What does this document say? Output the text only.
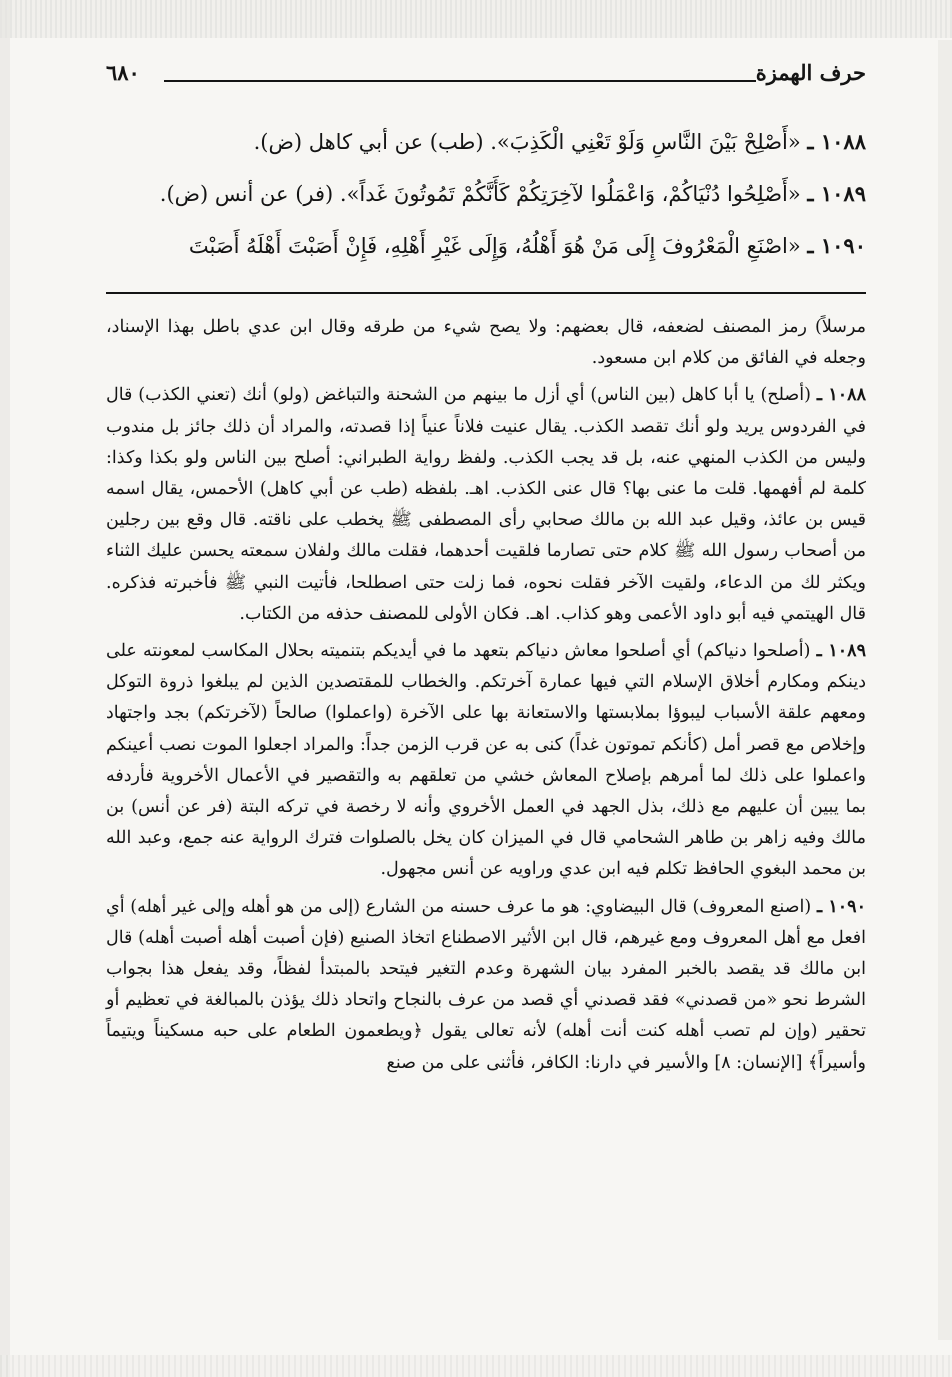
حرف الهمزة
٦٨٠

١٠٨٨ ـ «أَصْلِحْ بَيْنَ النَّاسِ وَلَوْ تَعْنِي الْكَذِبَ». (طب) عن أبي كاهل (ض).

١٠٨٩ ـ «أَصْلِحُوا دُنْيَاكُمْ، وَاعْمَلُوا لآخِرَتِكُمْ كَأَنَّكُمْ تَمُوتُونَ غَداً». (فر) عن أنس (ض).

١٠٩٠ ـ «اصْنَعِ الْمَعْرُوفَ إِلَى مَنْ هُوَ أَهْلُهُ، وَإِلَى غَيْرِ أَهْلِهِ، فَإِنْ أَصَبْتَ أَهْلَهُ أَصَبْتَ

مرسلاً) رمز المصنف لضعفه، قال بعضهم: ولا يصح شيء من طرقه وقال ابن عدي باطل بهذا الإسناد، وجعله في الفائق من كلام ابن مسعود.

١٠٨٨ ـ (أصلح) يا أبا كاهل (بين الناس) أي أزل ما بينهم من الشحنة والتباغض (ولو) أنك (تعني الكذب) قال في الفردوس يريد ولو أنك تقصد الكذب. يقال عنيت فلاناً عنياً إذا قصدته، والمراد أن ذلك جائز بل مندوب وليس من الكذب المنهي عنه، بل قد يجب الكذب. ولفظ رواية الطبراني: أصلح بين الناس ولو بكذا وكذا: كلمة لم أفهمها. قلت ما عنى بها؟ قال عنى الكذب. اهـ. بلفظه (طب عن أبي كاهل) الأحمس، يقال اسمه قيس بن عائذ، وقيل عبد الله بن مالك صحابي رأى المصطفى ﷺ يخطب على ناقته. قال وقع بين رجلين من أصحاب رسول الله ﷺ كلام حتى تصارما فلقيت أحدهما، فقلت مالك ولفلان سمعته يحسن عليك الثناء ويكثر لك من الدعاء، ولقيت الآخر فقلت نحوه، فما زلت حتى اصطلحا، فأتيت النبي ﷺ فأخبرته فذكره. قال الهيتمي فيه أبو داود الأعمى وهو كذاب. اهـ. فكان الأولى للمصنف حذفه من الكتاب.

١٠٨٩ ـ (أصلحوا دنياكم) أي أصلحوا معاش دنياكم بتعهد ما في أيديكم بتنميته بحلال المكاسب لمعونته على دينكم ومكارم أخلاق الإسلام التي فيها عمارة آخرتكم. والخطاب للمقتصدين الذين لم يبلغوا ذروة التوكل ومعهم علقة الأسباب ليبوؤا بملابستها والاستعانة بها على الآخرة (واعملوا) صالحاً (لآخرتكم) بجد واجتهاد وإخلاص مع قصر أمل (كأنكم تموتون غداً) كنى به عن قرب الزمن جداً: والمراد اجعلوا الموت نصب أعينكم واعملوا على ذلك لما أمرهم بإصلاح المعاش خشي من تعلقهم به والتقصير في الأعمال الأخروية فأردفه بما يبين أن عليهم مع ذلك، بذل الجهد في العمل الأخروي وأنه لا رخصة في تركه البتة (فر عن أنس) بن مالك وفيه زاهر بن طاهر الشحامي قال في الميزان كان يخل بالصلوات فترك الرواية عنه جمع، وعبد الله بن محمد البغوي الحافظ تكلم فيه ابن عدي وراويه عن أنس مجهول.

١٠٩٠ ـ (اصنع المعروف) قال البيضاوي: هو ما عرف حسنه من الشارع (إلى من هو أهله وإلى غير أهله) أي افعل مع أهل المعروف ومع غيرهم، قال ابن الأثير الاصطناع اتخاذ الصنيع (فإن أصبت أهله أصبت أهله) قال ابن مالك قد يقصد بالخبر المفرد بيان الشهرة وعدم التغير فيتحد بالمبتدأ لفظاً، وقد يفعل هذا بجواب الشرط نحو «من قصدني» فقد قصدني أي قصد من عرف بالنجاح واتحاد ذلك يؤذن بالمبالغة في تعظيم أو تحقير (وإن لم تصب أهله كنت أنت أهله) لأنه تعالى يقول ﴿ويطعمون الطعام على حبه مسكيناً ويتيماً وأسيراً﴾ [الإنسان: ٨] والأسير في دارنا: الكافر، فأثنى على من صنع
